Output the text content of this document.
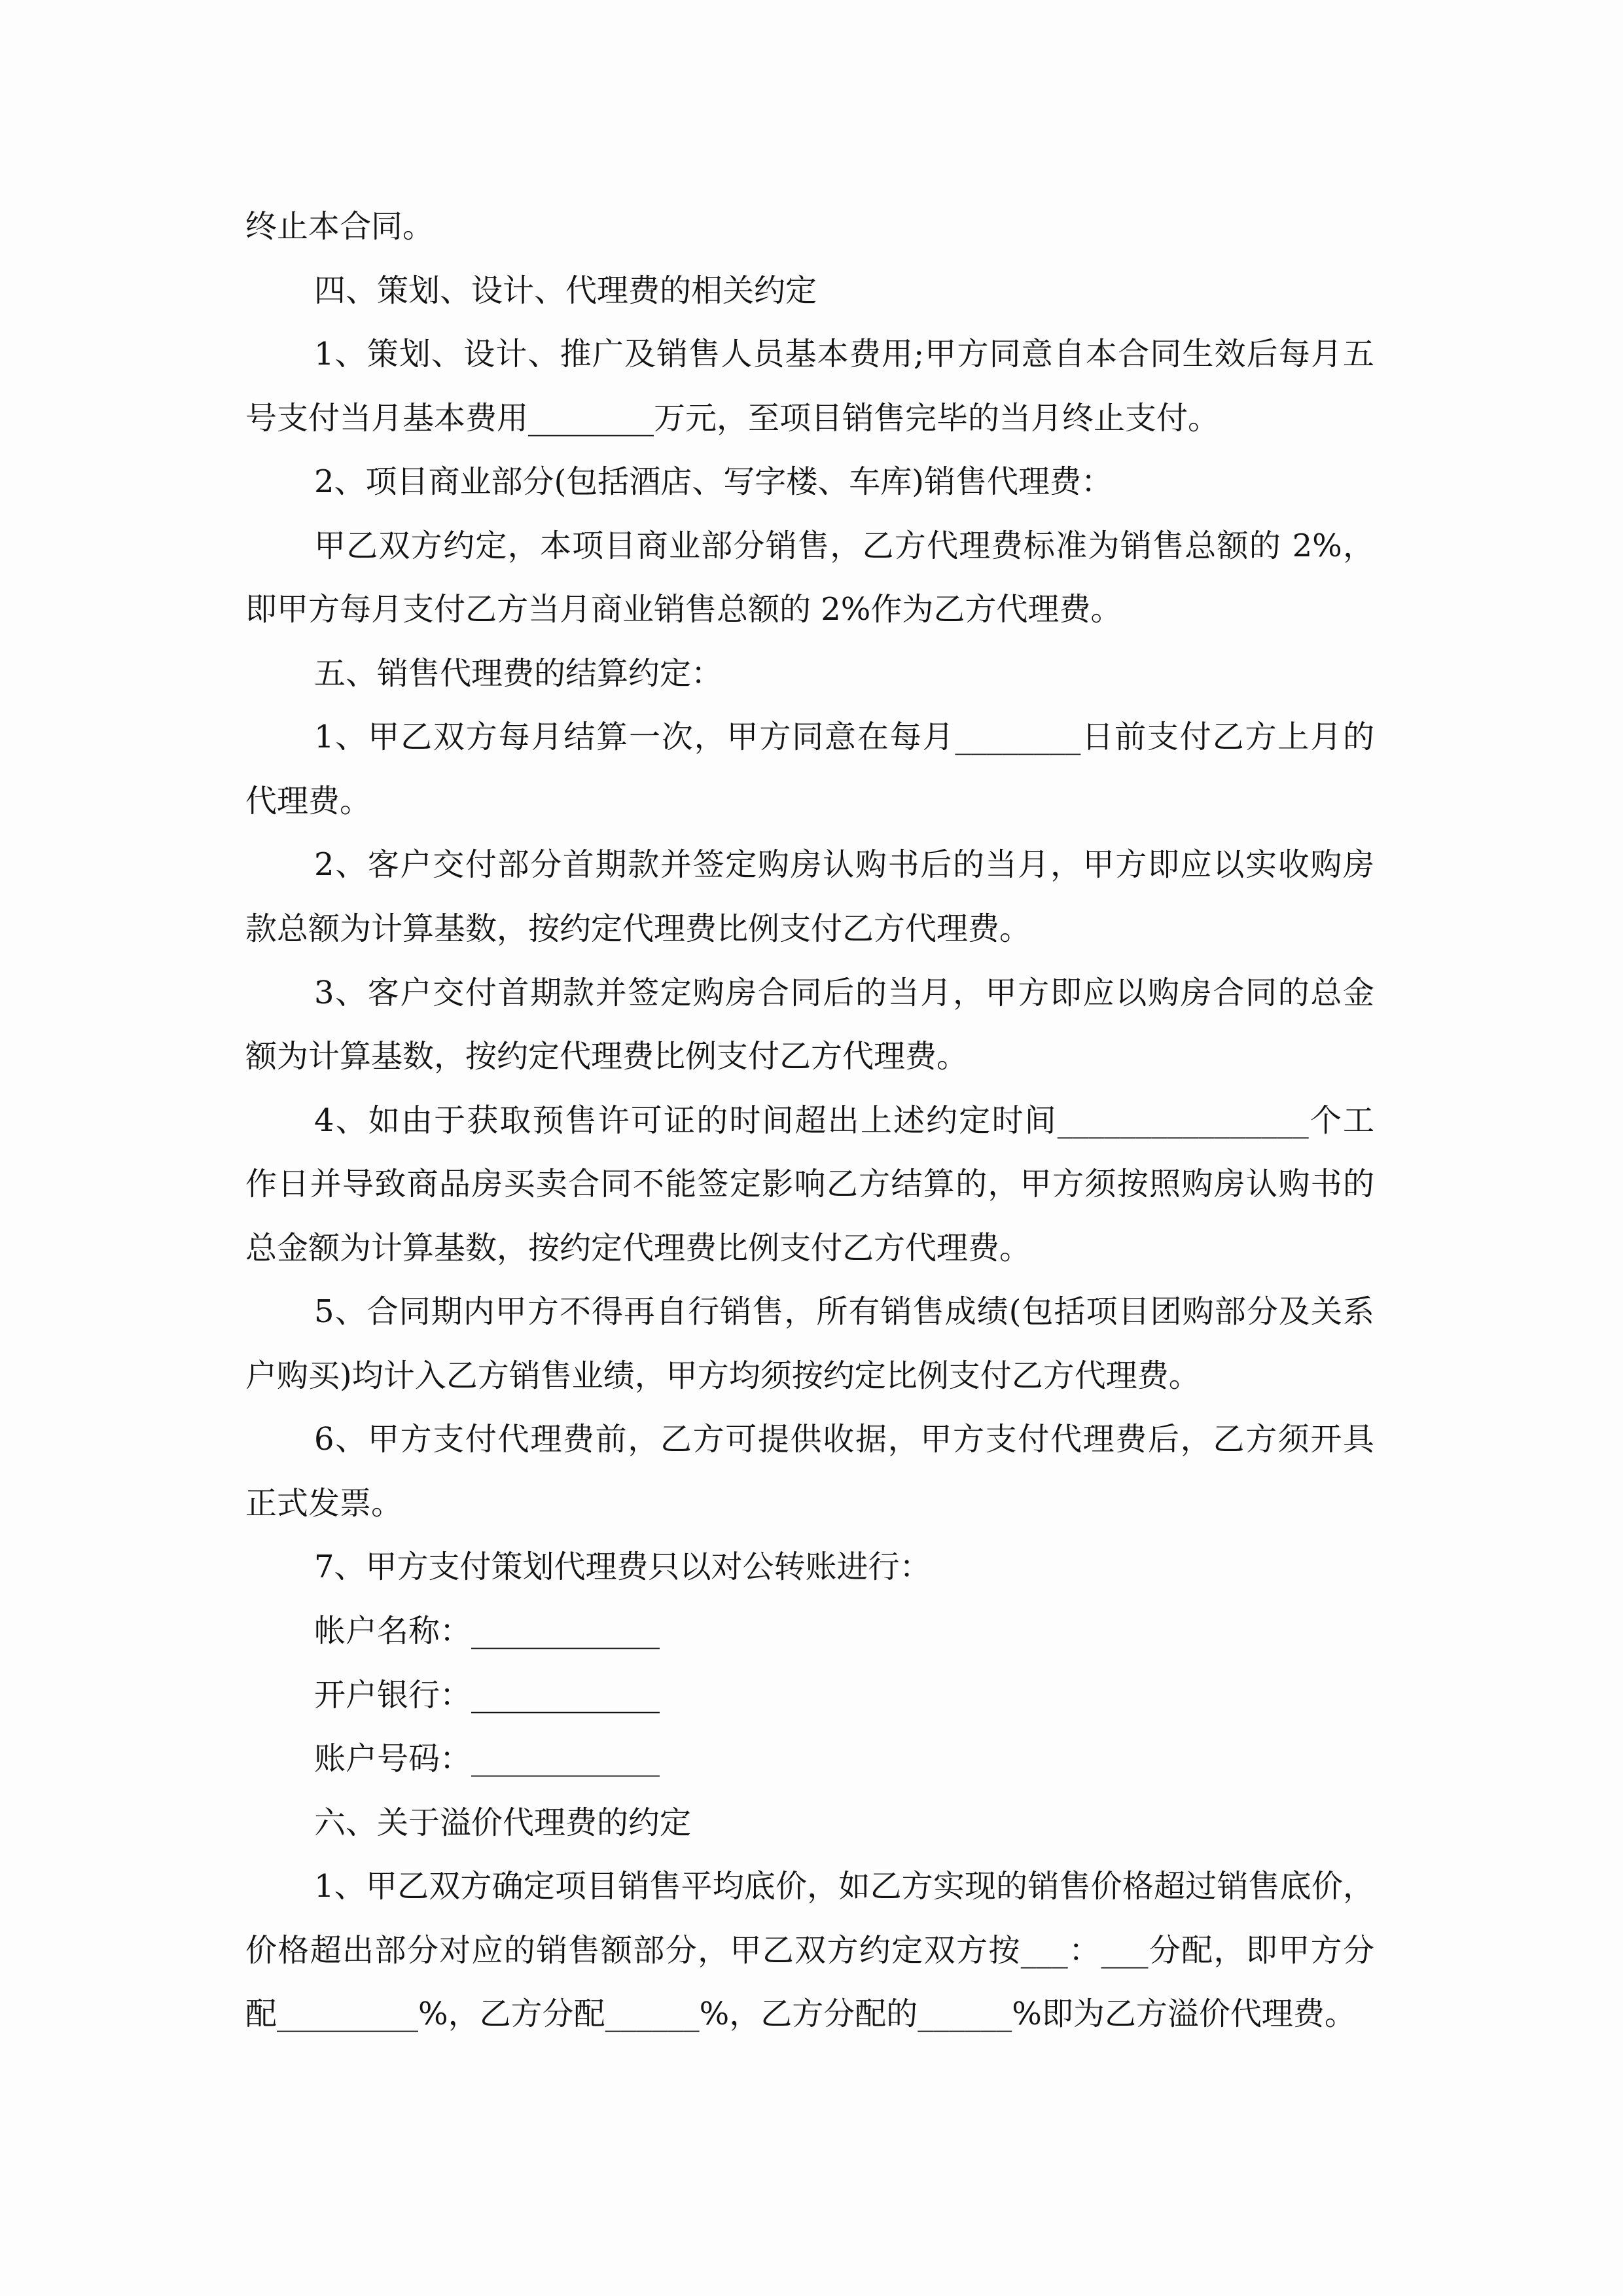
终止本合同。
四、策划、设计、代理费的相关约定
1、策划、设计、推广及销售人员基本费用;甲方同意自本合同生效后每月五
号支付当月基本费用________万元，至项目销售完毕的当月终止支付。
2、项目商业部分(包括酒店、写字楼、车库)销售代理费：
甲乙双方约定，本项目商业部分销售，乙方代理费标准为销售总额的 2%，
即甲方每月支付乙方当月商业销售总额的 2%作为乙方代理费。
五、销售代理费的结算约定：
1、甲乙双方每月结算一次，甲方同意在每月________日前支付乙方上月的
代理费。
2、客户交付部分首期款并签定购房认购书后的当月，甲方即应以实收购房
款总额为计算基数，按约定代理费比例支付乙方代理费。
3、客户交付首期款并签定购房合同后的当月，甲方即应以购房合同的总金
额为计算基数，按约定代理费比例支付乙方代理费。
4、如由于获取预售许可证的时间超出上述约定时间________________个工
作日并导致商品房买卖合同不能签定影响乙方结算的，甲方须按照购房认购书的
总金额为计算基数，按约定代理费比例支付乙方代理费。
5、合同期内甲方不得再自行销售，所有销售成绩(包括项目团购部分及关系
户购买)均计入乙方销售业绩，甲方均须按约定比例支付乙方代理费。
6、甲方支付代理费前，乙方可提供收据，甲方支付代理费后，乙方须开具
正式发票。
7、甲方支付策划代理费只以对公转账进行：
帐户名称：____________
开户银行：____________
账户号码：____________
六、关于溢价代理费的约定
1、甲乙双方确定项目销售平均底价，如乙方实现的销售价格超过销售底价，
价格超出部分对应的销售额部分，甲乙双方约定双方按___：___分配，即甲方分
配_________%，乙方分配______%，乙方分配的______%即为乙方溢价代理费。
